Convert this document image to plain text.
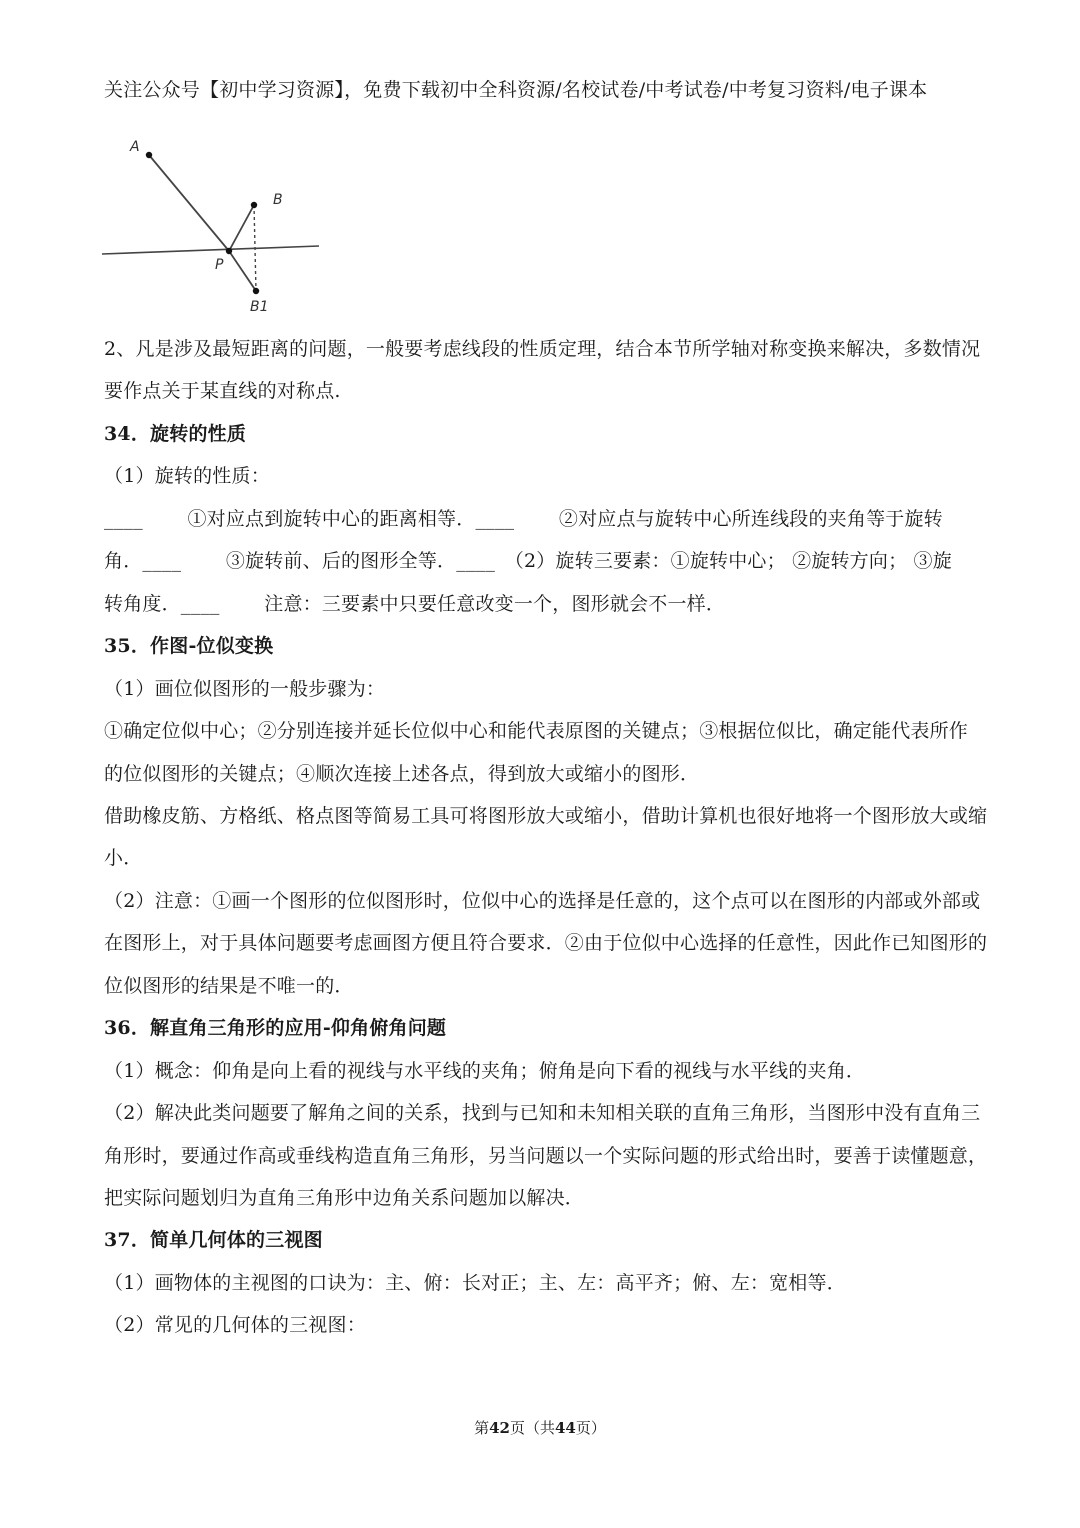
关注公众号【初中学习资源】，免费下载初中全科资源/名校试卷/中考试卷/中考复习资料/电子课本
A
B
P
B1
2、凡是涉及最短距离的问题，一般要考虑线段的性质定理，结合本节所学轴对称变换来解决，多数情况
要作点关于某直线的对称点.
34．旋转的性质
（1）旋转的性质：
____　　 ①对应点到旋转中心的距离相等．____　　 ②对应点与旋转中心所连线段的夹角等于旋转
角．____　　 ③旋转前、后的图形全等．____　（2）旋转三要素：①旋转中心； ②旋转方向； ③旋
转角度．____　　 注意：三要素中只要任意改变一个，图形就会不一样．
35．作图-位似变换
（1）画位似图形的一般步骤为：
①确定位似中心；②分别连接并延长位似中心和能代表原图的关键点；③根据位似比，确定能代表所作
的位似图形的关键点；④顺次连接上述各点，得到放大或缩小的图形．
借助橡皮筋、方格纸、格点图等简易工具可将图形放大或缩小，借助计算机也很好地将一个图形放大或缩
小．
（2）注意：①画一个图形的位似图形时，位似中心的选择是任意的，这个点可以在图形的内部或外部或
在图形上，对于具体问题要考虑画图方便且符合要求．②由于位似中心选择的任意性，因此作已知图形的
位似图形的结果是不唯一的．
36．解直角三角形的应用-仰角俯角问题
（1）概念：仰角是向上看的视线与水平线的夹角；俯角是向下看的视线与水平线的夹角．
（2）解决此类问题要了解角之间的关系，找到与已知和未知相关联的直角三角形，当图形中没有直角三
角形时，要通过作高或垂线构造直角三角形，另当问题以一个实际问题的形式给出时，要善于读懂题意，
把实际问题划归为直角三角形中边角关系问题加以解决．
37．简单几何体的三视图
（1）画物体的主视图的口诀为：主、俯：长对正；主、左：高平齐；俯、左：宽相等．
（2）常见的几何体的三视图：
第42页（共44页）
